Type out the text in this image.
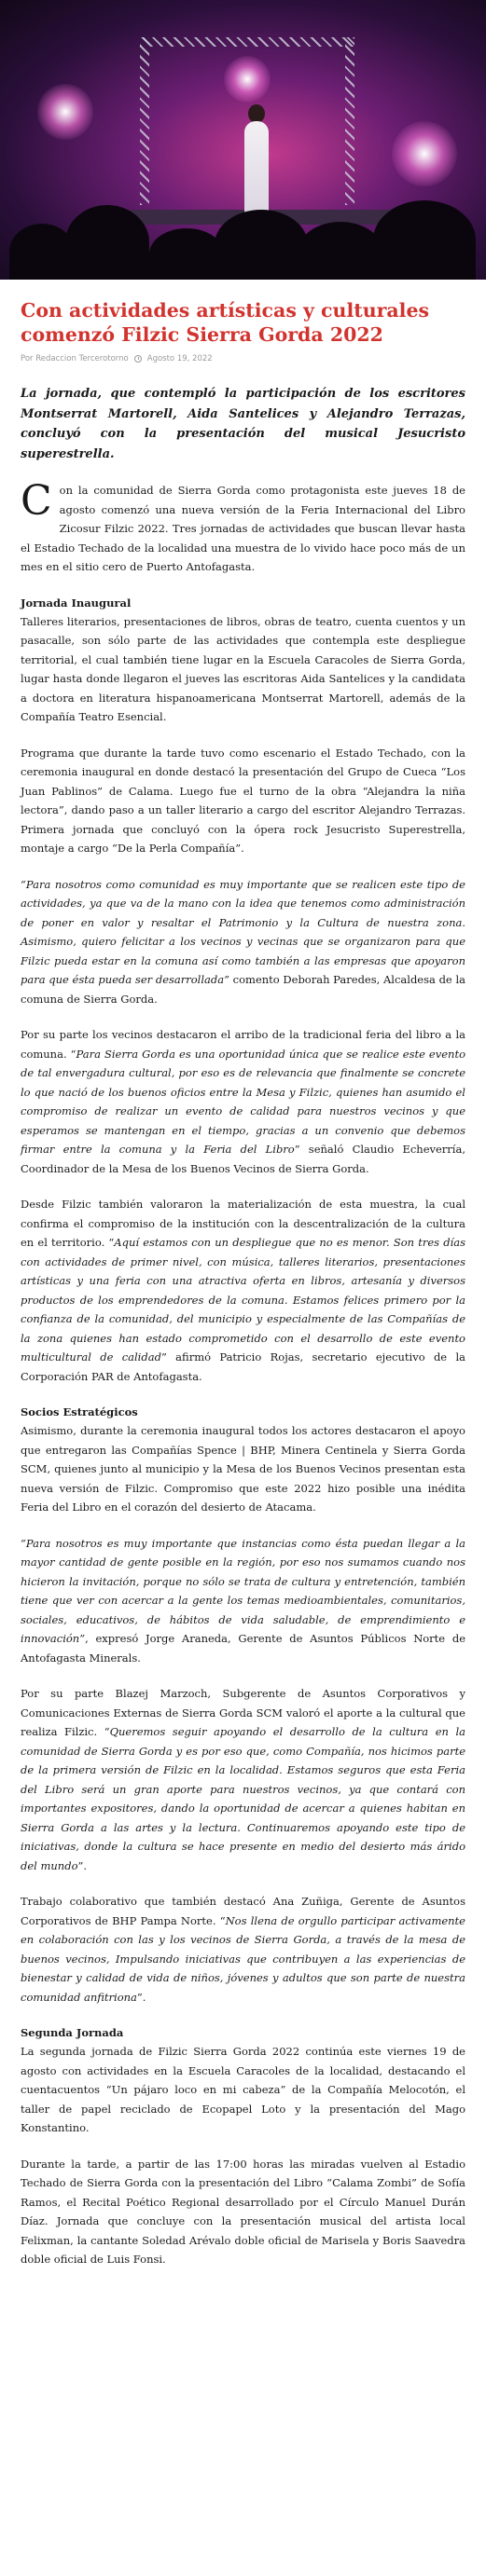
Con actividades artísticas y culturales comenzó Filzic Sierra Gorda 2022
Por Redaccion Tercerotorno Agosto 19, 2022

La jornada, que contempló la participación de los escritores Montserrat Martorell, Aida Santelices y Alejandro Terrazas, concluyó con la presentación del musical Jesucristo superestrella.

Con la comunidad de Sierra Gorda como protagonista este jueves 18 de agosto comenzó una nueva versión de la Feria Internacional del Libro Zicosur Filzic 2022. Tres jornadas de actividades que buscan llevar hasta el Estadio Techado de la localidad una muestra de lo vivido hace poco más de un mes en el sitio cero de Puerto Antofagasta.

Jornada Inaugural

Talleres literarios, presentaciones de libros, obras de teatro, cuenta cuentos y un pasacalle, son sólo parte de las actividades que contempla este despliegue territorial, el cual también tiene lugar en la Escuela Caracoles de Sierra Gorda, lugar hasta donde llegaron el jueves las escritoras Aida Santelices y la candidata a doctora en literatura hispanoamericana Montserrat Martorell, además de la Compañía Teatro Esencial.

Programa que durante la tarde tuvo como escenario el Estado Techado, con la ceremonia inaugural en donde destacó la presentación del Grupo de Cueca “Los Juan Pablinos” de Calama. Luego fue el turno de la obra “Alejandra la niña lectora”, dando paso a un taller literario a cargo del escritor Alejandro Terrazas. Primera jornada que concluyó con la ópera rock Jesucristo Superestrella, montaje a cargo “De la Perla Compañía”.

“Para nosotros como comunidad es muy importante que se realicen este tipo de actividades, ya que va de la mano con la idea que tenemos como administración de poner en valor y resaltar el Patrimonio y la Cultura de nuestra zona. Asimismo, quiero felicitar a los vecinos y vecinas que se organizaron para que Filzic pueda estar en la comuna así como también a las empresas que apoyaron para que ésta pueda ser desarrollada” comento Deborah Paredes, Alcaldesa de la comuna de Sierra Gorda.

Por su parte los vecinos destacaron el arribo de la tradicional feria del libro a la comuna. “Para Sierra Gorda es una oportunidad única que se realice este evento de tal envergadura cultural, por eso es de relevancia que finalmente se concrete lo que nació de los buenos oficios entre la Mesa y Filzic, quienes han asumido el compromiso de realizar un evento de calidad para nuestros vecinos y que esperamos se mantengan en el tiempo, gracias a un convenio que debemos firmar entre la comuna y la Feria del Libro” señaló Claudio Echeverría, Coordinador de la Mesa de los Buenos Vecinos de Sierra Gorda.

Desde Filzic también valoraron la materialización de esta muestra, la cual confirma el compromiso de la institución con la descentralización de la cultura en el territorio. “Aquí estamos con un despliegue que no es menor. Son tres días con actividades de primer nivel, con música, talleres literarios, presentaciones artísticas y una feria con una atractiva oferta en libros, artesanía y diversos productos de los emprendedores de la comuna. Estamos felices primero por la confianza de la comunidad, del municipio y especialmente de las Compañías de la zona quienes han estado comprometido con el desarrollo de este evento multicultural de calidad” afirmó Patricio Rojas, secretario ejecutivo de la Corporación PAR de Antofagasta.

Socios Estratégicos

Asimismo, durante la ceremonia inaugural todos los actores destacaron el apoyo que entregaron las Compañías Spence | BHP, Minera Centinela y Sierra Gorda SCM, quienes junto al municipio y la Mesa de los Buenos Vecinos presentan esta nueva versión de Filzic. Compromiso que este 2022 hizo posible una inédita Feria del Libro en el corazón del desierto de Atacama.

“Para nosotros es muy importante que instancias como ésta puedan llegar a la mayor cantidad de gente posible en la región, por eso nos sumamos cuando nos hicieron la invitación, porque no sólo se trata de cultura y entretención, también tiene que ver con acercar a la gente los temas medioambientales, comunitarios, sociales, educativos, de hábitos de vida saludable, de emprendimiento e innovación”, expresó Jorge Araneda, Gerente de Asuntos Públicos Norte de Antofagasta Minerals.

Por su parte Blazej Marzoch, Subgerente de Asuntos Corporativos y Comunicaciones Externas de Sierra Gorda SCM valoró el aporte a la cultural que realiza Filzic. “Queremos seguir apoyando el desarrollo de la cultura en la comunidad de Sierra Gorda y es por eso que, como Compañía, nos hicimos parte de la primera versión de Filzic en la localidad. Estamos seguros que esta Feria del Libro será un gran aporte para nuestros vecinos, ya que contará con importantes expositores, dando la oportunidad de acercar a quienes habitan en Sierra Gorda a las artes y la lectura. Continuaremos apoyando este tipo de iniciativas, donde la cultura se hace presente en medio del desierto más árido del mundo”.

Trabajo colaborativo que también destacó Ana Zuñiga, Gerente de Asuntos Corporativos de BHP Pampa Norte. “Nos llena de orgullo participar activamente en colaboración con las y los vecinos de Sierra Gorda, a través de la mesa de buenos vecinos, Impulsando iniciativas que contribuyen a las experiencias de bienestar y calidad de vida de niños, jóvenes y adultos que son parte de nuestra comunidad anfitriona”.

Segunda Jornada

La segunda jornada de Filzic Sierra Gorda 2022 continúa este viernes 19 de agosto con actividades en la Escuela Caracoles de la localidad, destacando el cuentacuentos “Un pájaro loco en mi cabeza” de la Compañía Melocotón, el taller de papel reciclado de Ecopapel Loto y la presentación del Mago Konstantino.

Durante la tarde, a partir de las 17:00 horas las miradas vuelven al Estadio Techado de Sierra Gorda con la presentación del Libro “Calama Zombi” de Sofía Ramos, el Recital Poético Regional desarrollado por el Círculo Manuel Durán Díaz. Jornada que concluye con la presentación musical del artista local Felixman, la cantante Soledad Arévalo doble oficial de Marisela y Boris Saavedra doble oficial de Luis Fonsi.
